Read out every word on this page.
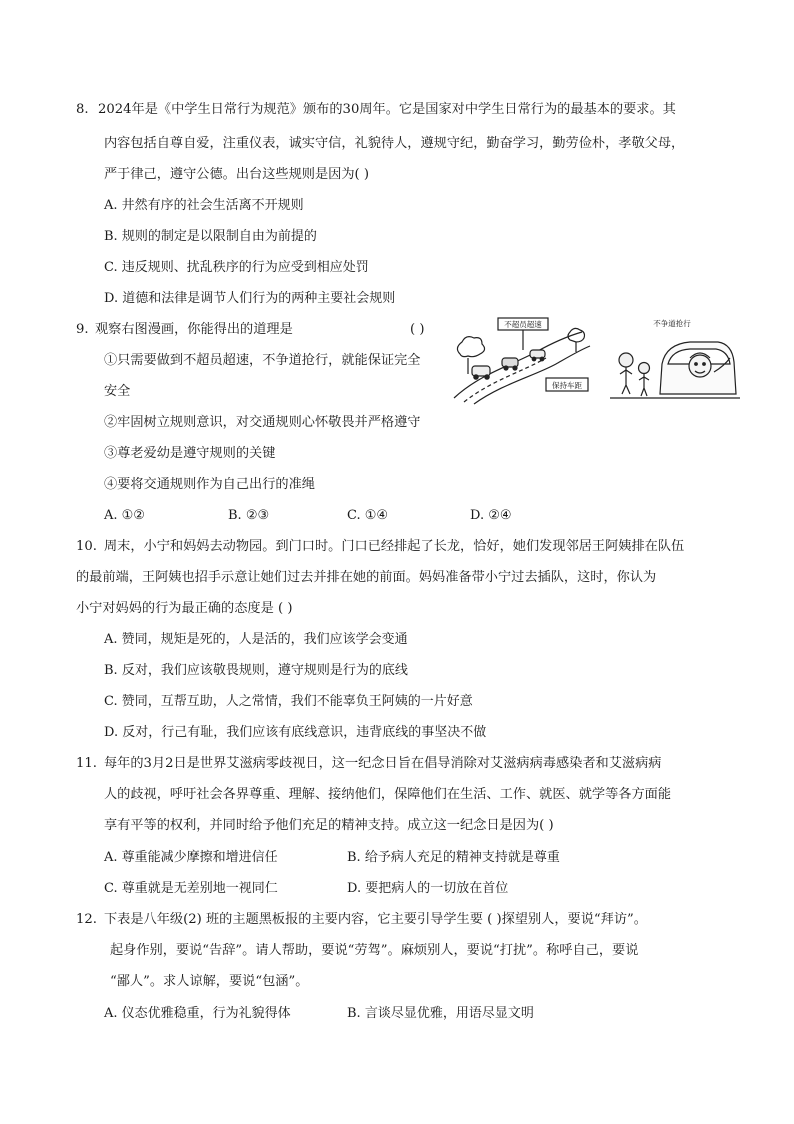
8. 2024年是《中学生日常行为规范》颁布的30周年。它是国家对中学生日常行为的最基本的要求。其
内容包括自尊自爱，注重仪表，诚实守信，礼貌待人，遵规守纪，勤奋学习，勤劳俭朴，孝敬父母，
严于律己，遵守公德。出台这些规则是因为( )
A. 井然有序的社会生活离不开规则
B. 规则的制定是以限制自由为前提的
C. 违反规则、扰乱秩序的行为应受到相应处罚
D. 道德和法律是调节人们行为的两种主要社会规则
9. 观察右图漫画，你能得出的道理是	( )
①只需要做到不超员超速，不争道抢行，就能保证完全
安全
②牢固树立规则意识，对交通规则心怀敬畏并严格遵守
③尊老爱幼是遵守规则的关键
④要将交通规则作为自己出行的准绳
A. ①②	B. ②③	C. ①④	D. ②④
不超员超速
保持车距
不争道抢行
10. 周末，小宁和妈妈去动物园。到门口时。门口已经排起了长龙，恰好，她们发现邻居王阿姨排在队伍
的最前端，王阿姨也招手示意让她们过去并排在她的前面。妈妈准备带小宁过去插队，这时，你认为
小宁对妈妈的行为最正确的态度是 ( )
A. 赞同，规矩是死的，人是活的，我们应该学会变通
B. 反对，我们应该敬畏规则，遵守规则是行为的底线
C. 赞同，互帮互助，人之常情，我们不能辜负王阿姨的一片好意
D. 反对，行己有耻，我们应该有底线意识，违背底线的事坚决不做
11. 每年的3月2日是世界艾滋病零歧视日，这一纪念日旨在倡导消除对艾滋病病毒感染者和艾滋病病
人的歧视，呼吁社会各界尊重、理解、接纳他们，保障他们在生活、工作、就医、就学等各方面能
享有平等的权利，并同时给予他们充足的精神支持。成立这一纪念日是因为( )
A. 尊重能减少摩擦和增进信任	B. 给予病人充足的精神支持就是尊重
C. 尊重就是无差别地一视同仁	D. 要把病人的一切放在首位
12. 下表是八年级(2) 班的主题黑板报的主要内容，它主要引导学生要 ( )探望别人，要说“拜访”。
起身作别，要说“告辞”。请人帮助，要说“劳驾”。麻烦别人，要说“打扰”。称呼自己，要说
“鄙人”。求人谅解，要说“包涵”。
A. 仪态优雅稳重，行为礼貌得体	B. 言谈尽显优雅，用语尽显文明
